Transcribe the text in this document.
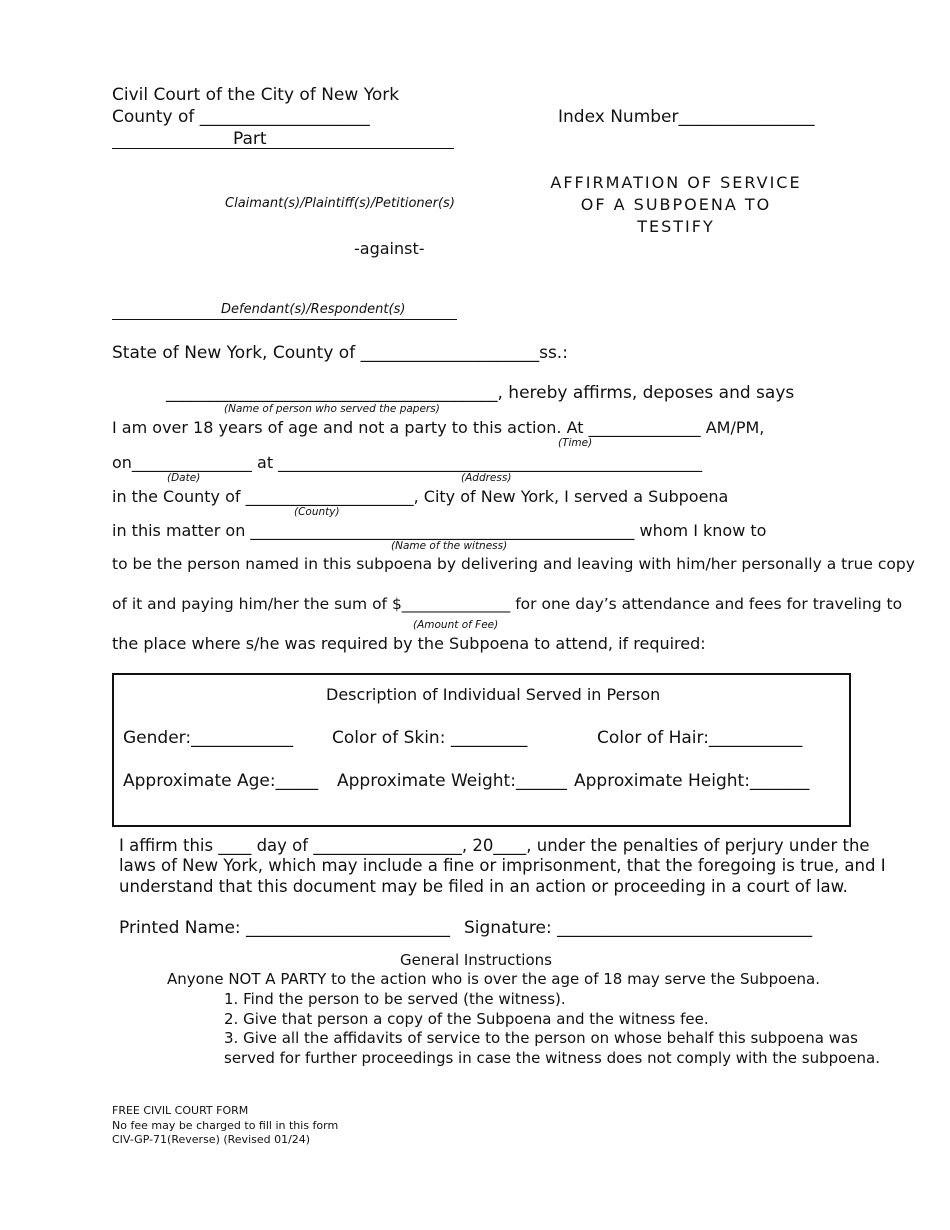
Civil Court of the City of New York
County of ____________________
Part
Index Number________________
Claimant(s)/Plaintiff(s)/Petitioner(s)
-against-
Defendant(s)/Respondent(s)
AFFIRMATION OF SERVICE
OF A SUBPOENA TO
TESTIFY
State of New York, County of _____________________ss.:
_______________________________________, hereby affirms, deposes and says
(Name of person who served the papers)
I am over 18 years of age and not a party to this action. At ______________ AM/PM,
(Time)
on_______________ at _____________________________________________________
(Date)	(Address)
in the County of _____________________, City of New York, I served a Subpoena
(County)
in this matter on ________________________________________________ whom I know to
(Name of the witness)
to be the person named in this subpoena by delivering and leaving with him/her personally a true copy
of it and paying him/her the sum of $______________ for one day’s attendance and fees for traveling to
(Amount of Fee)
the place where s/he was required by the Subpoena to attend, if required:
Description of Individual Served in Person
Gender:____________ Color of Skin: _________	Color of Hair:___________
Approximate Age:_____ Approximate Weight:______ Approximate Height:_______
I affirm this ____ day of __________________, 20____, under the penalties of perjury under the
laws of New York, which may include a fine or imprisonment, that the foregoing is true, and I
understand that this document may be filed in an action or proceeding in a court of law.
Printed Name: ________________________ Signature: ______________________________
General Instructions
Anyone NOT A PARTY to the action who is over the age of 18 may serve the Subpoena.
1. Find the person to be served (the witness).
2. Give that person a copy of the Subpoena and the witness fee.
3. Give all the affidavits of service to the person on whose behalf this subpoena was
served for further proceedings in case the witness does not comply with the subpoena.
FREE CIVIL COURT FORM
No fee may be charged to fill in this form
CIV-GP-71(Reverse) (Revised 01/24)
